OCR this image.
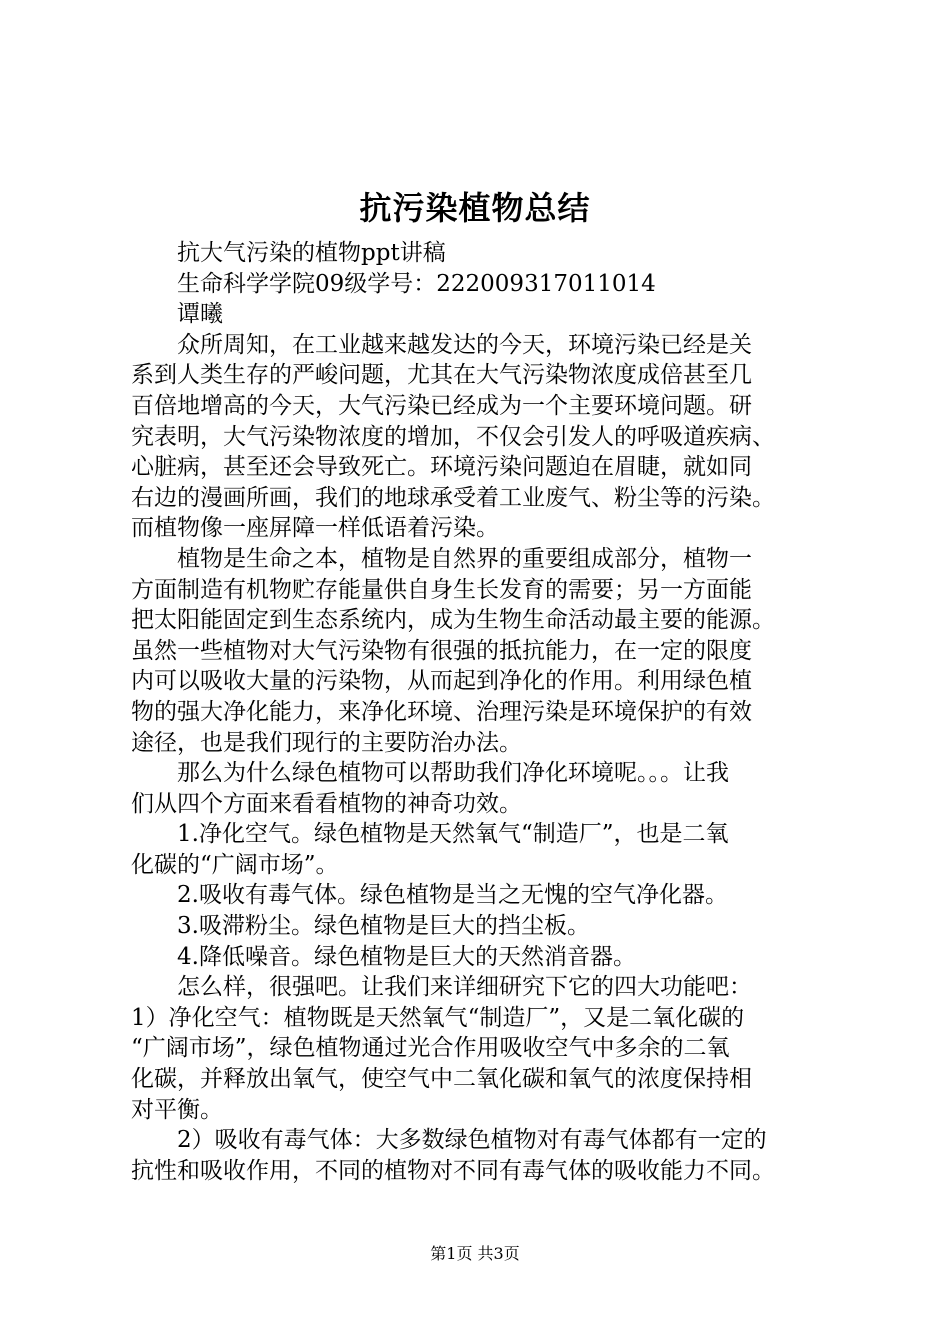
抗污染植物总结
　　抗大气污染的植物ppt讲稿
　　生命科学学院09级学号：222009317011014
　　谭曦
　　众所周知，在工业越来越发达的今天，环境污染已经是关
系到人类生存的严峻问题，尤其在大气污染物浓度成倍甚至几
百倍地增高的今天，大气污染已经成为一个主要环境问题。研
究表明，大气污染物浓度的增加，不仅会引发人的呼吸道疾病、
心脏病，甚至还会导致死亡。环境污染问题迫在眉睫，就如同
右边的漫画所画，我们的地球承受着工业废气、粉尘等的污染。
而植物像一座屏障一样低语着污染。
　　植物是生命之本，植物是自然界的重要组成部分，植物一
方面制造有机物贮存能量供自身生长发育的需要；另一方面能
把太阳能固定到生态系统内，成为生物生命活动最主要的能源。
虽然一些植物对大气污染物有很强的抵抗能力，在一定的限度
内可以吸收大量的污染物，从而起到净化的作用。利用绿色植
物的强大净化能力，来净化环境、治理污染是环境保护的有效
途径，也是我们现行的主要防治办法。
　　那么为什么绿色植物可以帮助我们净化环境呢。。。让我
们从四个方面来看看植物的神奇功效。
　　1.净化空气。绿色植物是天然氧气“制造厂”，也是二氧
化碳的“广阔市场”。
　　2.吸收有毒气体。绿色植物是当之无愧的空气净化器。
　　3.吸滞粉尘。绿色植物是巨大的挡尘板。
　　4.降低噪音。绿色植物是巨大的天然消音器。
　　怎么样，很强吧。让我们来详细研究下它的四大功能吧：
1）净化空气：植物既是天然氧气“制造厂”，又是二氧化碳的
“广阔市场”，绿色植物通过光合作用吸收空气中多余的二氧
化碳，并释放出氧气，使空气中二氧化碳和氧气的浓度保持相
对平衡。
　　2）吸收有毒气体：大多数绿色植物对有毒气体都有一定的
抗性和吸收作用，不同的植物对不同有毒气体的吸收能力不同。
第1页 共3页
